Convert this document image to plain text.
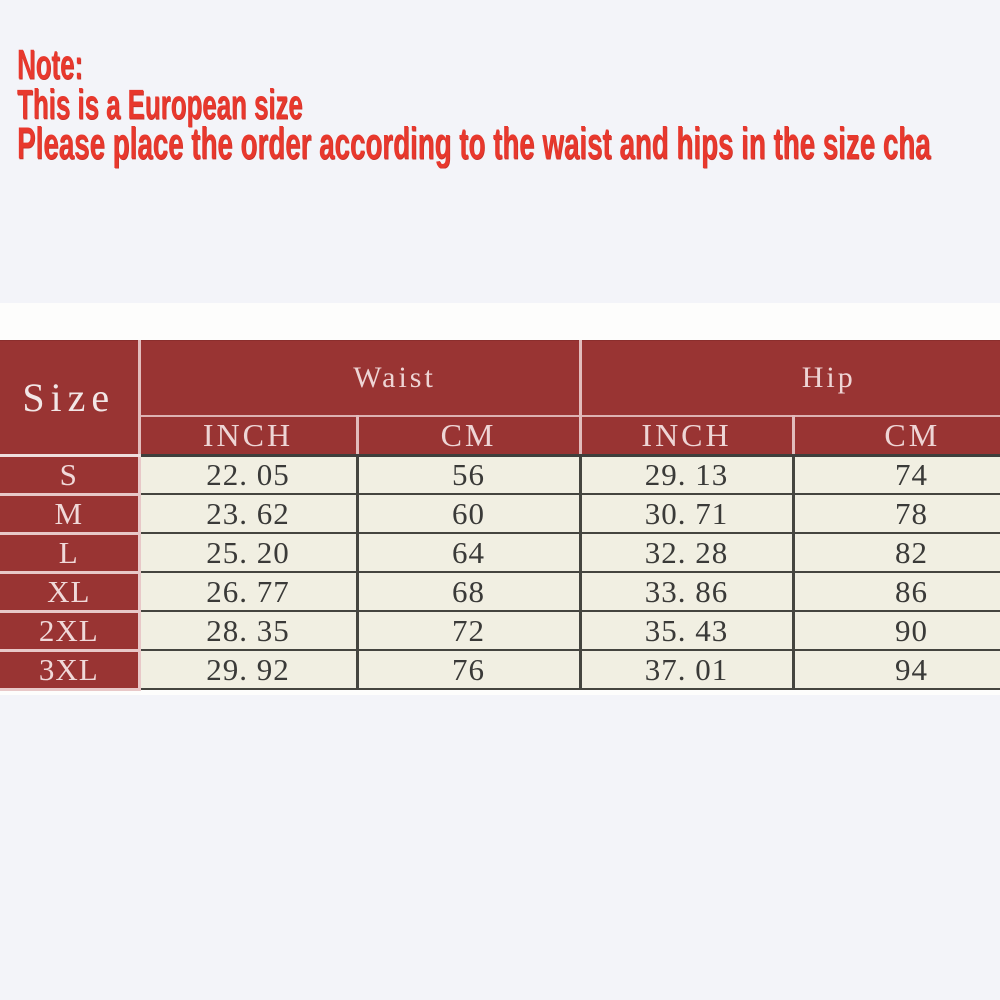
Note:
This is a European size
Please place the order according to the waist and hips in the size cha
Size	Waist		Hip	
	INCH	CM	INCH	CM
S	22. 05	56	29. 13	74
M	23. 62	60	30. 71	78
L	25. 20	64	32. 28	82
XL	26. 77	68	33. 86	86
2XL	28. 35	72	35. 43	90
3XL	29. 92	76	37. 01	94
